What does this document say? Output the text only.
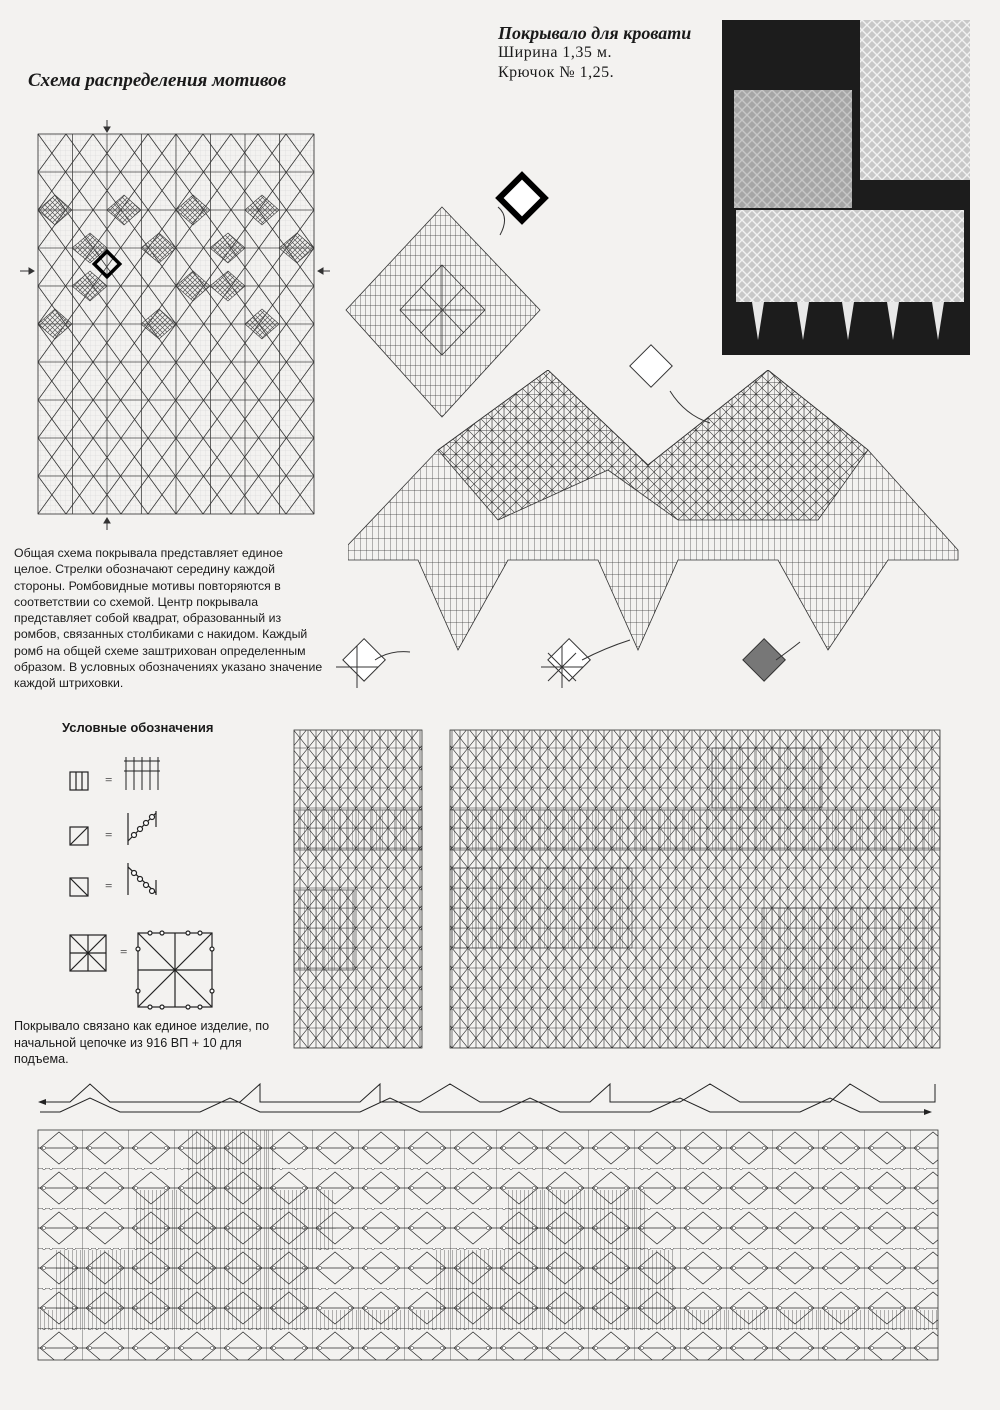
Схема распределения мотивов
Покрывало для кровати
Ширина 1,35 м.
Крючок № 1,25.
Общая схема покрывала представляет единое целое. Стрелки обозначают середину каждой стороны. Ромбовидные мотивы повторяются в соответствии со схемой. Центр покрывала представляет собой квадрат, образованный из ромбов, связанных столбиками с накидом. Каждый ромб на общей схеме заштрихован определенным образом. В условных обозначениях указано значение каждой штриховки.
Условные обозначения
Покрывало связано как единое изделие, по начальной цепочке из 916 ВП + 10 для подъема.
=
=
=
=
